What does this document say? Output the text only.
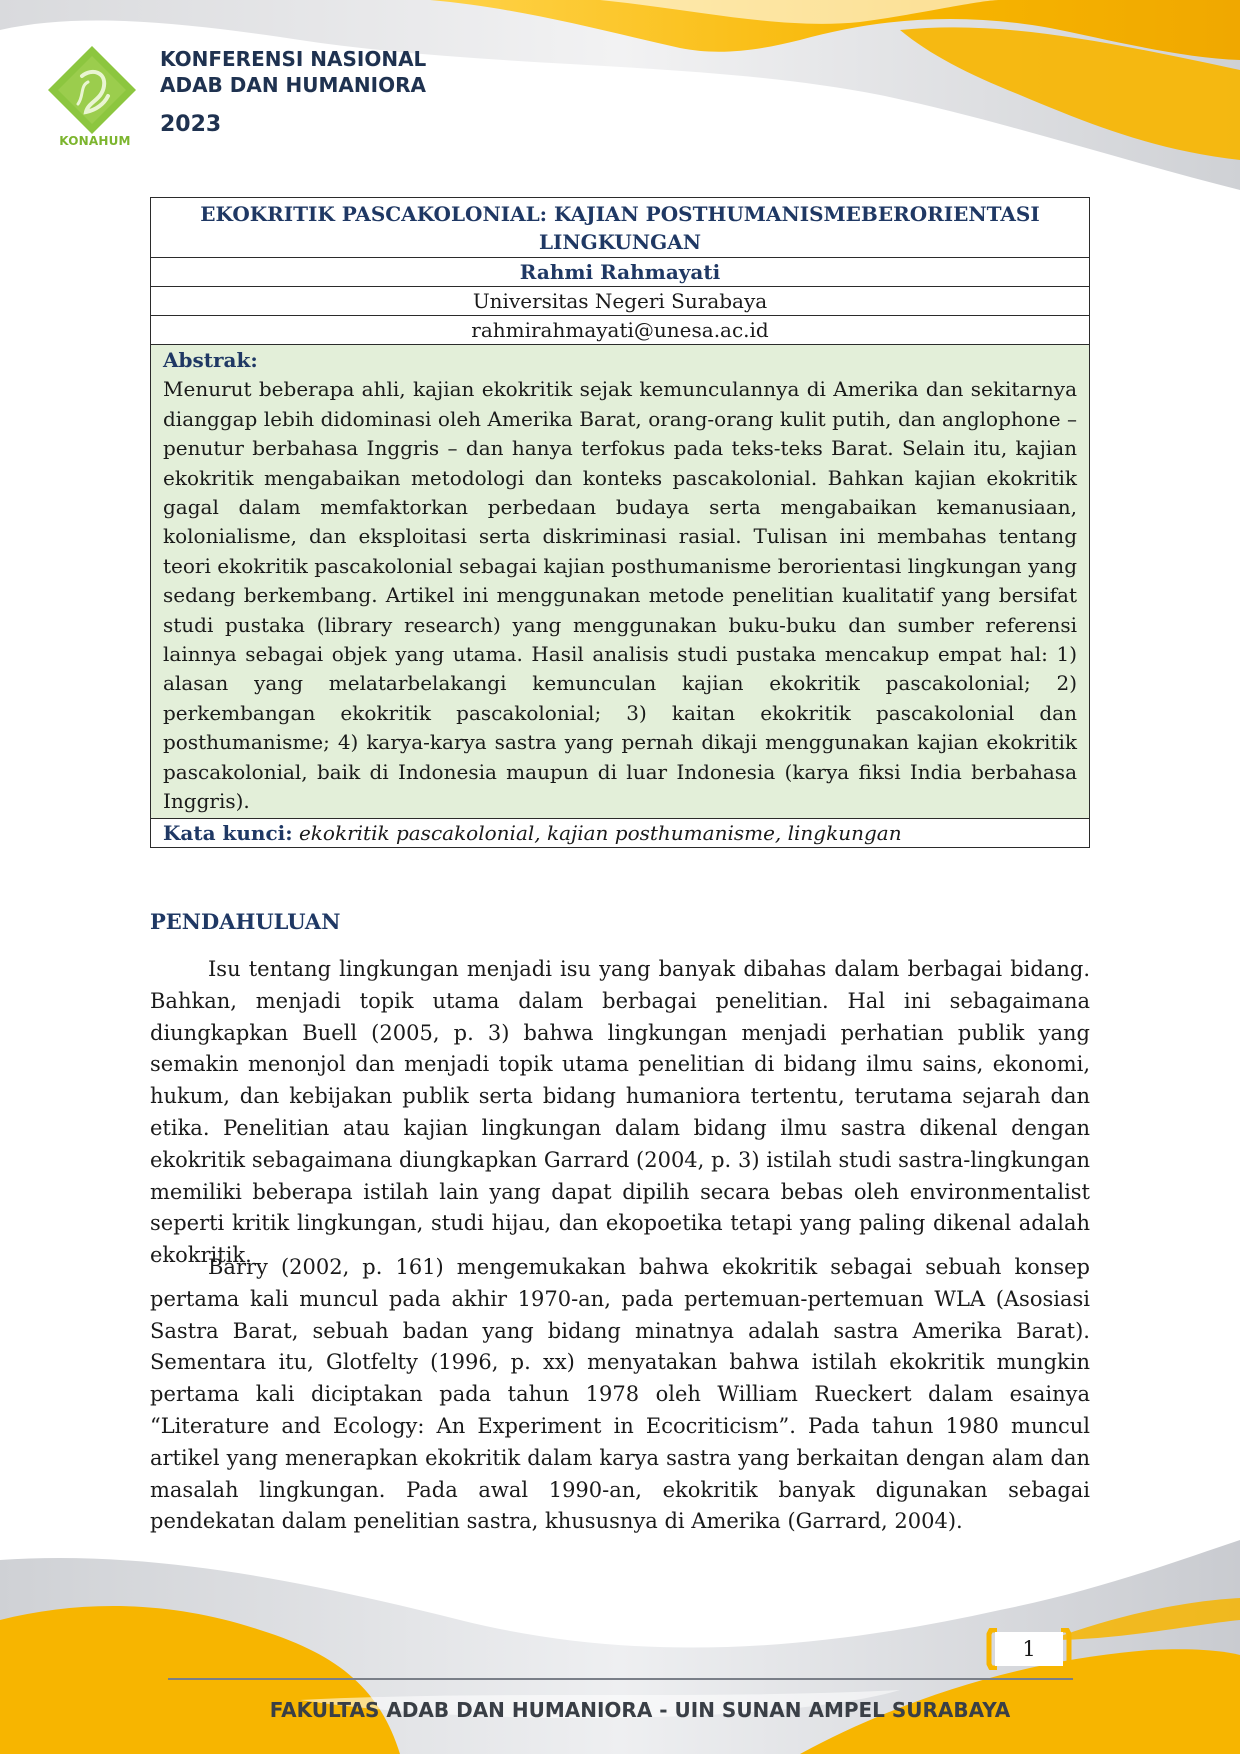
KONAHUM
KONFERENSI NASIONAL
ADAB DAN HUMANIORA
2023
EKOKRITIK PASCAKOLONIAL: KAJIAN POSTHUMANISMEBERORIENTASI LINGKUNGAN
Rahmi Rahmayati
Universitas Negeri Surabaya
rahmirahmayati@unesa.ac.id

Abstrak:
Menurut beberapa ahli, kajian ekokritik sejak kemunculannya di Amerika dan sekitarnya dianggap lebih didominasi oleh Amerika Barat, orang-orang kulit putih, dan anglophone – penutur berbahasa Inggris – dan hanya terfokus pada teks-teks Barat. Selain itu, kajian ekokritik mengabaikan metodologi dan konteks pascakolonial. Bahkan kajian ekokritik gagal dalam memfaktorkan perbedaan budaya serta mengabaikan kemanusiaan, kolonialisme, dan eksploitasi serta diskriminasi rasial. Tulisan ini membahas tentang teori ekokritik pascakolonial sebagai kajian posthumanisme berorientasi lingkungan yang sedang berkembang. Artikel ini menggunakan metode penelitian kualitatif yang bersifat studi pustaka (library research) yang menggunakan buku-buku dan sumber referensi lainnya sebagai objek yang utama. Hasil analisis studi pustaka mencakup empat hal: 1) alasan yang melatarbelakangi kemunculan kajian ekokritik pascakolonial; 2) perkembangan ekokritik pascakolonial; 3) kaitan ekokritik pascakolonial dan posthumanisme; 4) karya-karya sastra yang pernah dikaji menggunakan kajian ekokritik pascakolonial, baik di Indonesia maupun di luar Indonesia (karya fiksi India berbahasa Inggris).
Kata kunci: ekokritik pascakolonial, kajian posthumanisme, lingkungan
PENDAHULUAN

Isu tentang lingkungan menjadi isu yang banyak dibahas dalam berbagai bidang. Bahkan, menjadi topik utama dalam berbagai penelitian. Hal ini sebagaimana diungkapkan Buell (2005, p. 3) bahwa lingkungan menjadi perhatian publik yang semakin menonjol dan menjadi topik utama penelitian di bidang ilmu sains, ekonomi, hukum, dan kebijakan publik serta bidang humaniora tertentu, terutama sejarah dan etika. Penelitian atau kajian lingkungan dalam bidang ilmu sastra dikenal dengan ekokritik sebagaimana diungkapkan Garrard (2004, p. 3) istilah studi sastra-lingkungan memiliki beberapa istilah lain yang dapat dipilih secara bebas oleh environmentalist seperti kritik lingkungan, studi hijau, dan ekopoetika tetapi yang paling dikenal adalah ekokritik.

Barry (2002, p. 161) mengemukakan bahwa ekokritik sebagai sebuah konsep pertama kali muncul pada akhir 1970-an, pada pertemuan-pertemuan WLA (Asosiasi Sastra Barat, sebuah badan yang bidang minatnya adalah sastra Amerika Barat). Sementara itu, Glotfelty (1996, p. xx) menyatakan bahwa istilah ekokritik mungkin pertama kali diciptakan pada tahun 1978 oleh William Rueckert dalam esainya “Literature and Ecology: An Experiment in Ecocriticism”. Pada tahun 1980 muncul artikel yang menerapkan ekokritik dalam karya sastra yang berkaitan dengan alam dan masalah lingkungan. Pada awal 1990-an, ekokritik banyak digunakan sebagai pendekatan dalam penelitian sastra, khususnya di Amerika (Garrard, 2004).

1
FAKULTAS ADAB DAN HUMANIORA - UIN SUNAN AMPEL SURABAYA
